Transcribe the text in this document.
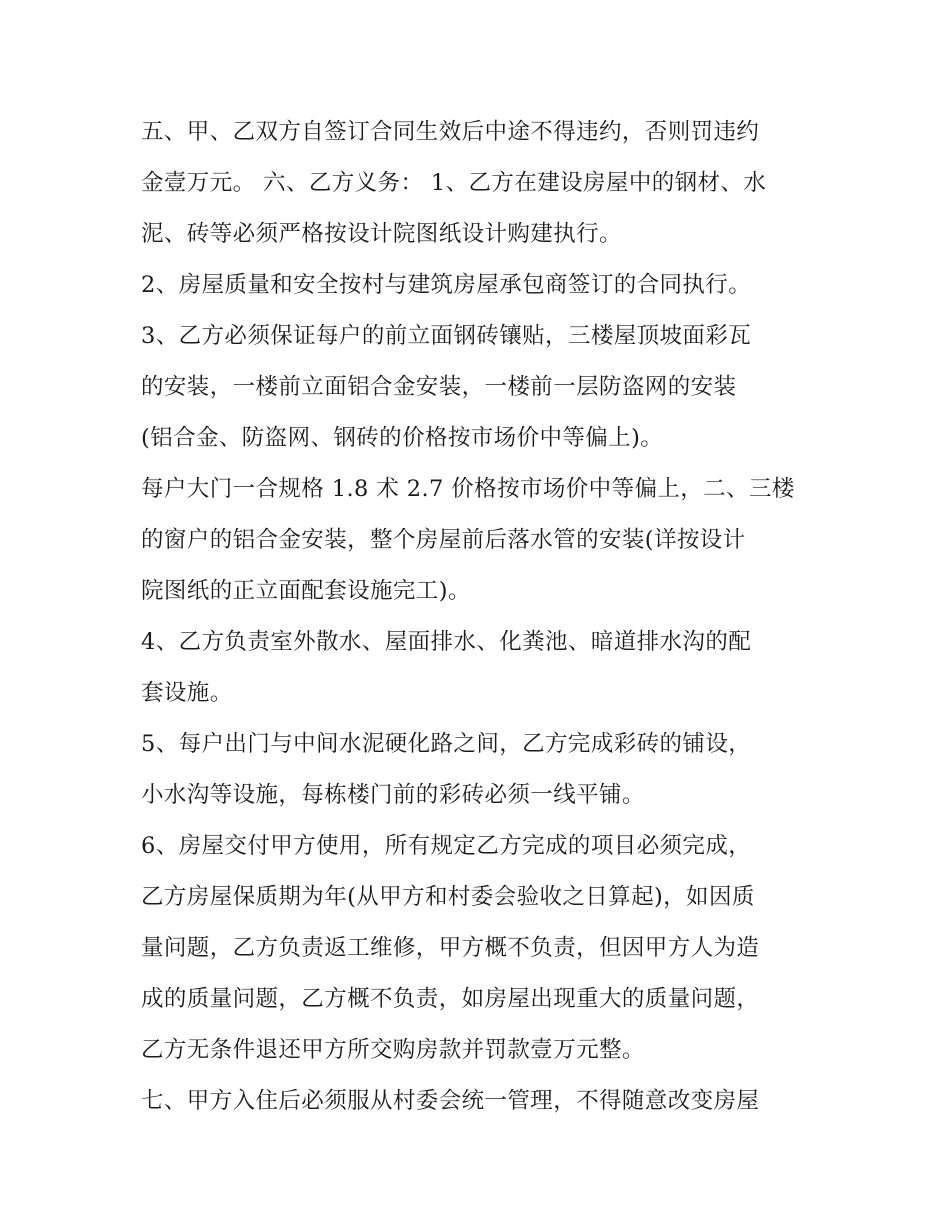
五、甲、乙双方自签订合同生效后中途不得违约，否则罚违约
金壹万元。 六、乙方义务： 1、乙方在建设房屋中的钢材、水
泥、砖等必须严格按设计院图纸设计购建执行。
2、房屋质量和安全按村与建筑房屋承包商签订的合同执行。
3、乙方必须保证每户的前立面钢砖镶贴，三楼屋顶坡面彩瓦
的安装，一楼前立面铝合金安装，一楼前一层防盗网的安装
(铝合金、防盗网、钢砖的价格按市场价中等偏上)。
每户大门一合规格 1.8 术 2.7 价格按市场价中等偏上，二、三楼
的窗户的铝合金安装，整个房屋前后落水管的安装(详按设计
院图纸的正立面配套设施完工)。
4、乙方负责室外散水、屋面排水、化粪池、暗道排水沟的配
套设施。
5、每户出门与中间水泥硬化路之间，乙方完成彩砖的铺设，
小水沟等设施，每栋楼门前的彩砖必须一线平铺。
6、房屋交付甲方使用，所有规定乙方完成的项目必须完成，
乙方房屋保质期为年(从甲方和村委会验收之日算起)，如因质
量问题，乙方负责返工维修，甲方概不负责，但因甲方人为造
成的质量问题，乙方概不负责，如房屋出现重大的质量问题，
乙方无条件退还甲方所交购房款并罚款壹万元整。
七、甲方入住后必须服从村委会统一管理，不得随意改变房屋
